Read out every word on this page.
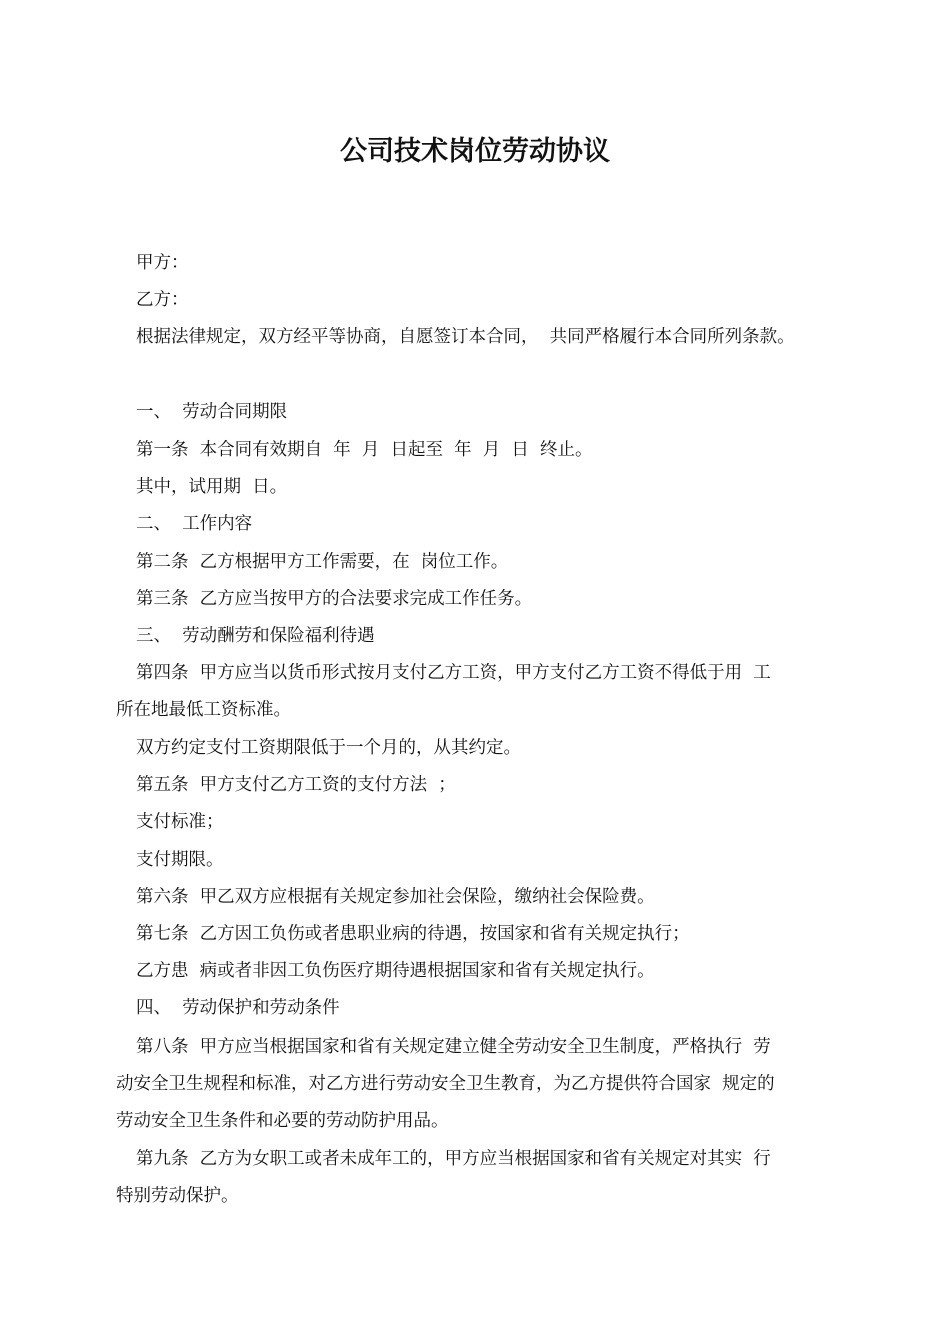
公司技术岗位劳动协议
甲方：
乙方：
根据法律规定，双方经平等协商，自愿签订本合同，  共同严格履行本合同所列条款。
一、  劳动合同期限
第一条  本合同有效期自  年  月  日起至  年  月  日  终止。
其中，试用期  日。
二、  工作内容
第二条  乙方根据甲方工作需要，在  岗位工作。
第三条  乙方应当按甲方的合法要求完成工作任务。
三、  劳动酬劳和保险福利待遇
第四条  甲方应当以货币形式按月支付乙方工资，甲方支付乙方工资不得低于用  工
所在地最低工资标准。
双方约定支付工资期限低于一个月的，从其约定。
第五条  甲方支付乙方工资的支付方法  ；
支付标准；
支付期限。
第六条  甲乙双方应根据有关规定参加社会保险，缴纳社会保险费。
第七条  乙方因工负伤或者患职业病的待遇，按国家和省有关规定执行；
乙方患  病或者非因工负伤医疗期待遇根据国家和省有关规定执行。
四、  劳动保护和劳动条件
第八条  甲方应当根据国家和省有关规定建立健全劳动安全卫生制度，严格执行  劳
动安全卫生规程和标准，对乙方进行劳动安全卫生教育，为乙方提供符合国家  规定的
劳动安全卫生条件和必要的劳动防护用品。
第九条  乙方为女职工或者未成年工的，甲方应当根据国家和省有关规定对其实  行
特别劳动保护。
